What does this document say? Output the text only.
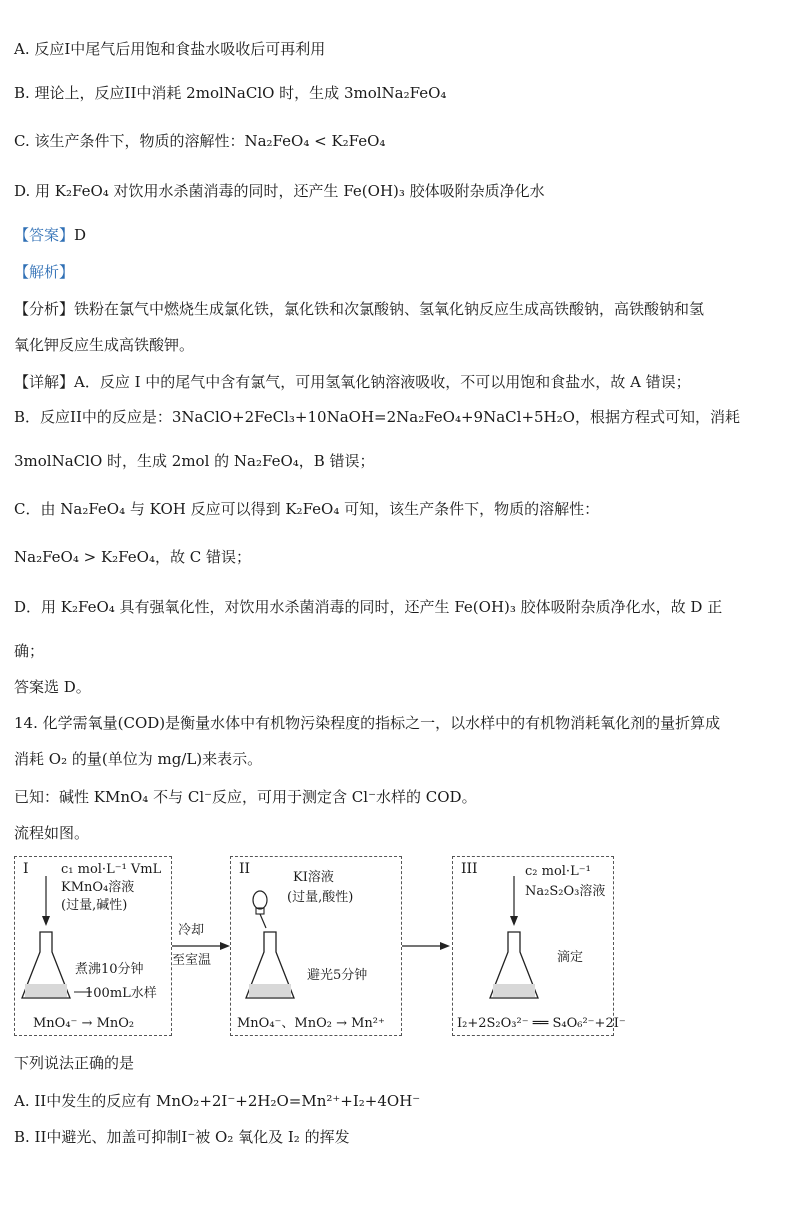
A. 反应I中尾气后用饱和食盐水吸收后可再利用
B. 理论上，反应II中消耗 2molNaClO 时，生成 3molNa₂FeO₄
C. 该生产条件下，物质的溶解性：Na₂FeO₄ < K₂FeO₄
D. 用 K₂FeO₄ 对饮用水杀菌消毒的同时，还产生 Fe(OH)₃ 胶体吸附杂质净化水
【答案】D
【解析】
【分析】铁粉在氯气中燃烧生成氯化铁，氯化铁和次氯酸钠、氢氧化钠反应生成高铁酸钠，高铁酸钠和氢
氧化钾反应生成高铁酸钾。
【详解】A．反应 I 中的尾气中含有氯气，可用氢氧化钠溶液吸收，不可以用饱和食盐水，故 A 错误；
B．反应II中的反应是：3NaClO+2FeCl₃+10NaOH=2Na₂FeO₄+9NaCl+5H₂O，根据方程式可知，消耗
3molNaClO 时，生成 2mol 的 Na₂FeO₄，B 错误；
C．由 Na₂FeO₄ 与 KOH 反应可以得到 K₂FeO₄ 可知，该生产条件下，物质的溶解性：
Na₂FeO₄ > K₂FeO₄，故 C 错误；
D．用 K₂FeO₄ 具有强氧化性，对饮用水杀菌消毒的同时，还产生 Fe(OH)₃ 胶体吸附杂质净化水，故 D 正
确；
答案选 D。
14. 化学需氧量(COD)是衡量水体中有机物污染程度的指标之一，以水样中的有机物消耗氧化剂的量折算成
消耗 O₂ 的量(单位为 mg/L)来表示。
已知：碱性 KMnO₄ 不与 Cl⁻反应，可用于测定含 Cl⁻水样的 COD。
流程如图。
I c₁ mol·L⁻¹ VmL
KMnO₄溶液
(过量,碱性)
煮沸10分钟
100mL水样
MnO₄⁻ → MnO₂
冷却
至室温
II
KI溶液
(过量,酸性)
避光5分钟
MnO₄⁻、MnO₂ → Mn²⁺
III	c₂ mol·L⁻¹
Na₂S₂O₃溶液
滴定
I₂+2S₂O₃²⁻ ══ S₄O₆²⁻+2I⁻
下列说法正确的是
A. II中发生的反应有 MnO₂+2I⁻+2H₂O=Mn²⁺+I₂+4OH⁻
B. II中避光、加盖可抑制I⁻被 O₂ 氧化及 I₂ 的挥发
